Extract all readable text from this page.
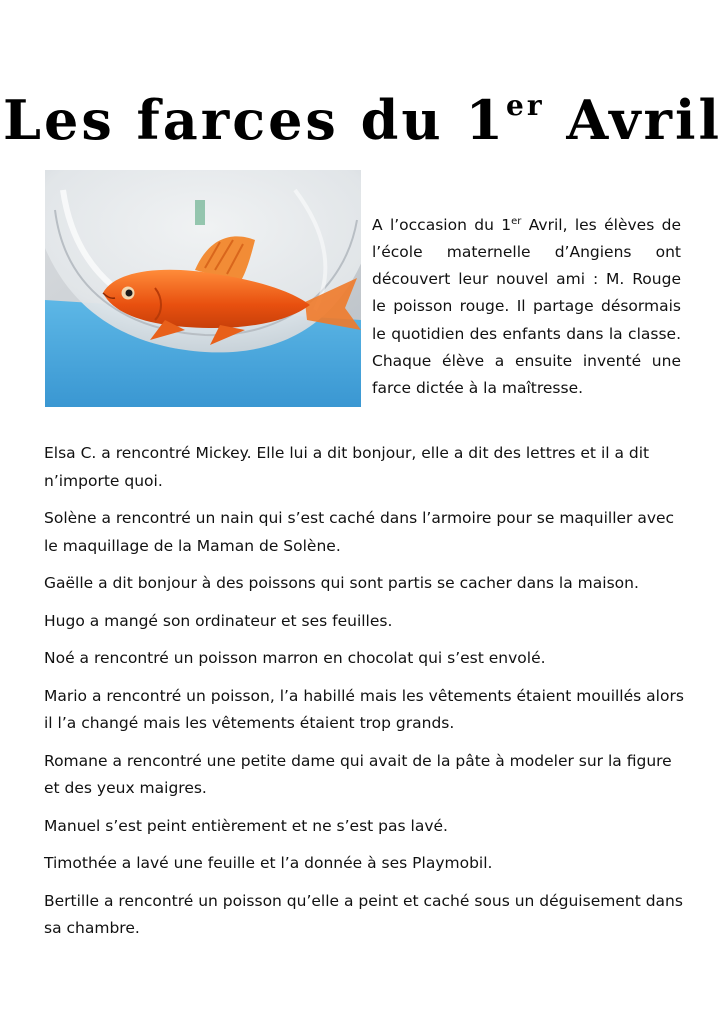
Les farces du 1er Avril

A l’occasion du 1er Avril, les élèves de l’école maternelle d’Angiens ont découvert leur nouvel ami : M. Rouge le poisson rouge. Il partage désormais le quotidien des enfants dans la classe. Chaque élève a ensuite inventé une farce dictée à la maîtresse.

Elsa C. a rencontré Mickey. Elle lui a dit bonjour, elle a dit des lettres et il a dit n’importe quoi.

Solène a rencontré un nain qui s’est caché dans l’armoire pour se maquiller avec le maquillage de la Maman de Solène.

Gaëlle a dit bonjour à des poissons qui sont partis se cacher dans la maison.

Hugo a mangé son ordinateur et ses feuilles.

Noé a rencontré un poisson marron en chocolat qui s’est envolé.

Mario a rencontré un poisson, l’a habillé mais les vêtements étaient mouillés alors il l’a changé mais les vêtements étaient trop grands.

Romane a rencontré une petite dame qui avait de la pâte à modeler sur la figure et des yeux maigres.

Manuel s’est peint entièrement et ne s’est pas lavé.

Timothée a lavé une feuille et l’a donnée à ses Playmobil.

Bertille a rencontré un poisson qu’elle a peint et caché sous un déguisement dans sa chambre.
